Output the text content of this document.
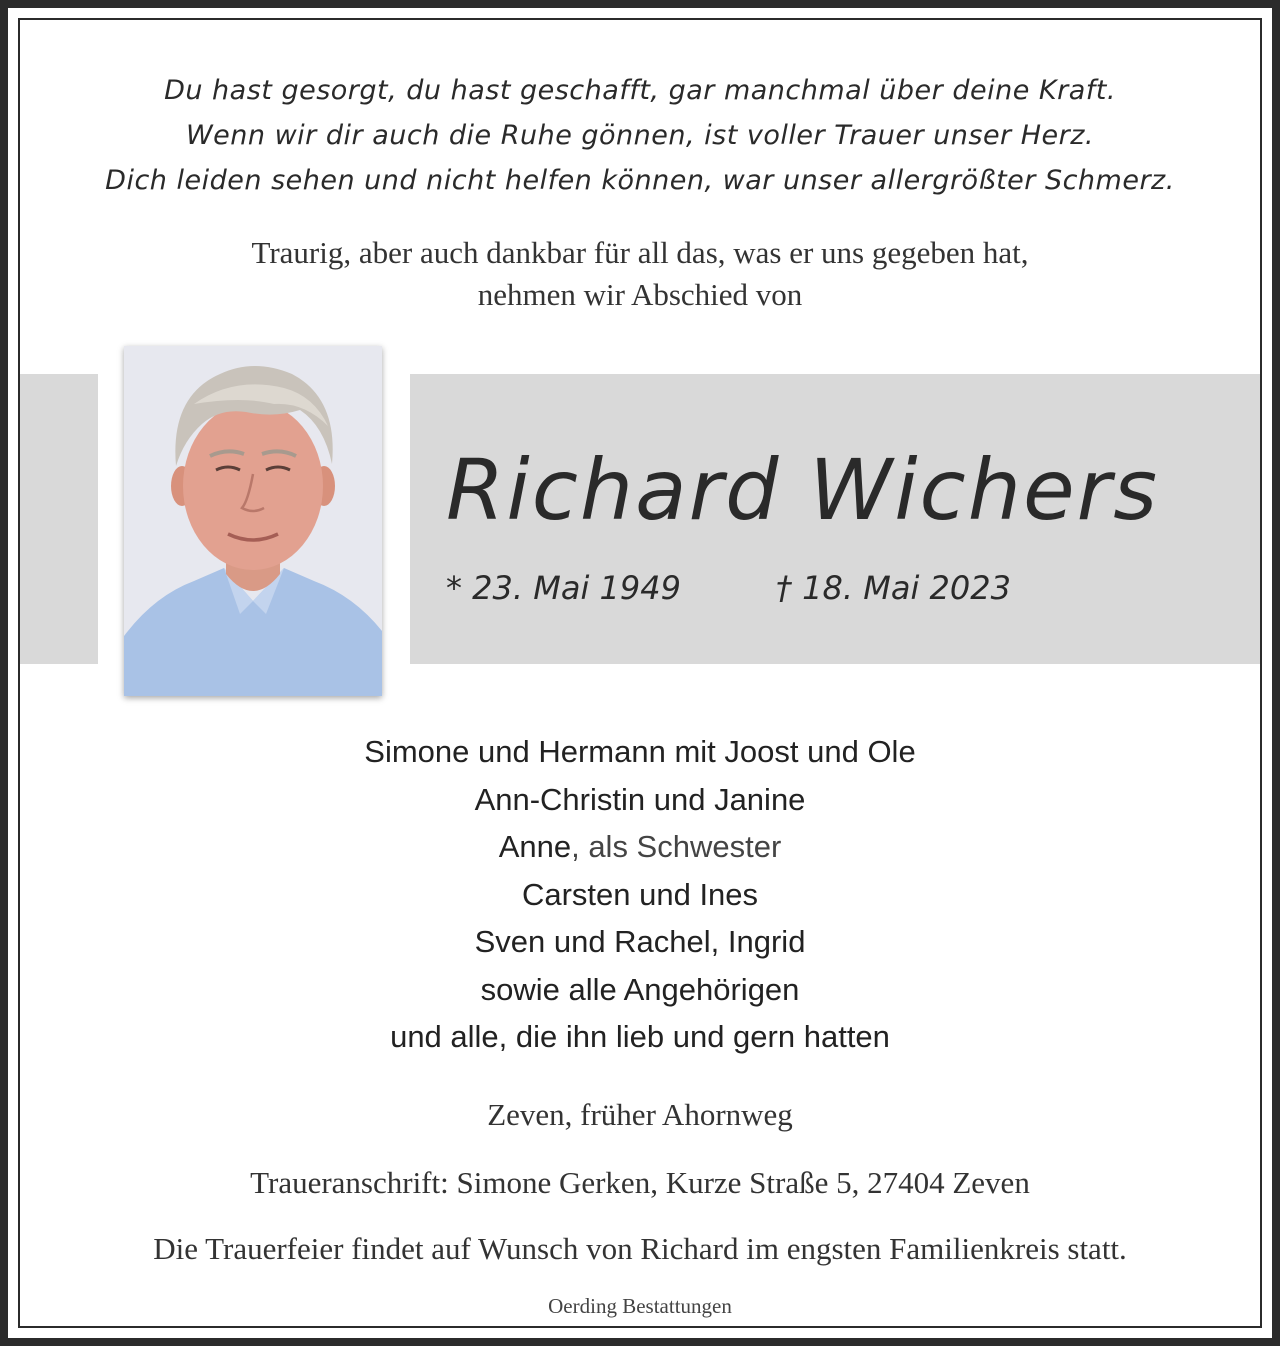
Du hast gesorgt, du hast geschafft, gar manchmal über deine Kraft.
Wenn wir dir auch die Ruhe gönnen, ist voller Trauer unser Herz.
Dich leiden sehen und nicht helfen können, war unser allergrößter Schmerz.
Traurig, aber auch dankbar für all das, was er uns gegeben hat,
nehmen wir Abschied von
Richard Wichers
* 23. Mai 1949	† 18. Mai 2023
Simone und Hermann mit Joost und Ole
Ann-Christin und Janine
Anne, als Schwester
Carsten und Ines
Sven und Rachel, Ingrid
sowie alle Angehörigen
und alle, die ihn lieb und gern hatten
Zeven, früher Ahornweg
Traueranschrift: Simone Gerken, Kurze Straße 5, 27404 Zeven
Die Trauerfeier findet auf Wunsch von Richard im engsten Familienkreis statt.
Oerding Bestattungen
